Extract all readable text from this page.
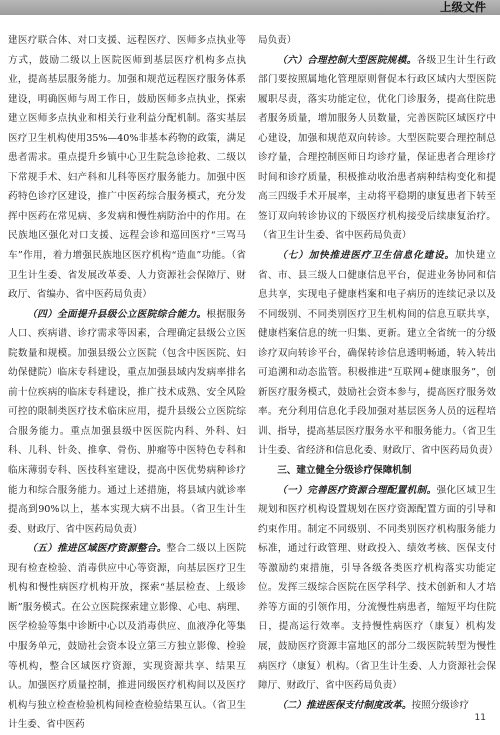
上级文件

建医疗联合体、对口支援、远程医疗、医师多点执业等方式，鼓励二级以上医院医师到基层医疗机构多点执业，提高基层服务能力。加强和规范远程医疗服务体系建设，明确医师与周工作日，鼓励医师多点执业，探索建立医师多点执业和相关行业利益分配机制。落实基层医疗卫生机构使用35%—40%非基本药物的政策，满足患者需求。重点提升乡镇中心卫生院急诊抢救、二级以下常规手术、妇产科和儿科等医疗服务能力。加强中医药特色诊疗区建设，推广中医药综合服务模式，充分发挥中医药在常见病、多发病和慢性病防治中的作用。在民族地区强化对口支援、远程会诊和巡回医疗“三骂马车”作用，着力增强民族地区医疗机构“造血”功能。（省卫生计生委、省发展改革委、人力资源社会保障厅、财政厅、省编办、省中医药局负责）

（四）全面提升县级公立医院综合能力。根据服务人口、疾病谱、诊疗需求等因素，合理确定县级公立医院数量和规模。加强县级公立医院（包含中医医院、妇幼保健院）临床专科建设，重点加强县域内发病率排名前十位疾病的临床专科建设，推广技术成熟、安全风险可控的限制类医疗技术临床应用，提升县级公立医院综合服务能力。重点加强县级中医医院内科、外科、妇科、儿科、针灸、推拿、骨伤、肿瘤等中医特色专科和临床薄弱专科、医技科室建设，提高中医优势病种诊疗能力和综合服务能力。通过上述措施，将县域内就诊率提高到90%以上，基本实现大病不出县。（省卫生计生委、财政厅、省中医药局负责）

（五）推进区域医疗资源整合。整合二级以上医院现有检查检验、消毒供应中心等资源，向基层医疗卫生机构和慢性病医疗机构开放，探索“基层检查、上级诊断”服务模式。在公立医院探索建立影像、心电、病理、医学检验等集中诊断中心以及消毒供应、血液净化等集中服务单元，鼓励社会资本设立第三方独立影像、检验等机构，整合区域医疗资源，实现资源共享、结果互认。加强医疗质量控制，推进同级医疗机构间以及医疗机构与独立检查检验机构间检查检验结果互认。（省卫生计生委、省中医药

局负责）

（六）合理控制大型医院规模。各级卫生计生行政部门要按照属地化管理原则督促本行政区域内大型医院履职尽责，落实功能定位，优化门诊服务，提高住院患者服务质量，增加服务人员数量，完善医院区域医疗中心建设，加强和规范双向转诊。大型医院要合理控制总诊疗量，合理控制医师日均诊疗量，保证患者合理诊疗时间和诊疗质量，积极推动收治患者病种结构变化和提高三四级手术开展率，主动将平稳期的康复患者下转至签订双向转诊协议的下级医疗机构接受后续康复治疗。（省卫生计生委、省中医药局负责）

（七）加快推进医疗卫生信息化建设。加快建立省、市、县三级人口健康信息平台，促进业务协同和信息共享，实现电子健康档案和电子病历的连续记录以及不同级别、不同类别医疗卫生机构间的信息互联共享，健康档案信息的统一归集、更新。建立全省统一的分级诊疗双向转诊平台，确保转诊信息透明畅通，转入转出可追溯和动态监管。积极推进“互联网+健康服务”，创新医疗服务模式，鼓励社会资本参与，提高医疗服务效率。充分利用信息化手段加强对基层医务人员的远程培训、指导，提高基层医疗服务水平和服务能力。（省卫生计生委、省经济和信息化委、财政厅、省中医药局负责）

三、建立健全分级诊疗保障机制

（一）完善医疗资源合理配置机制。强化区域卫生规划和医疗机构设置规划在医疗资源配置方面的引导和约束作用。制定不同级别、不同类别医疗机构服务能力标准，通过行政管理、财政投入、绩效考核、医保支付等激励约束措施，引导各级各类医疗机构落实功能定位。发挥三级综合医院在医学科学、技术创新和人才培养等方面的引领作用，分流慢性病患者，缩短平均住院日，提高运行效率。支持慢性病医疗（康复）机构发展，鼓励医疗资源丰富地区的部分二级医院转型为慢性病医疗（康复）机构。（省卫生计生委、人力资源社会保障厅、财政厅、省中医药局负责）

（二）推进医保支付制度改革。按照分级诊疗

11
